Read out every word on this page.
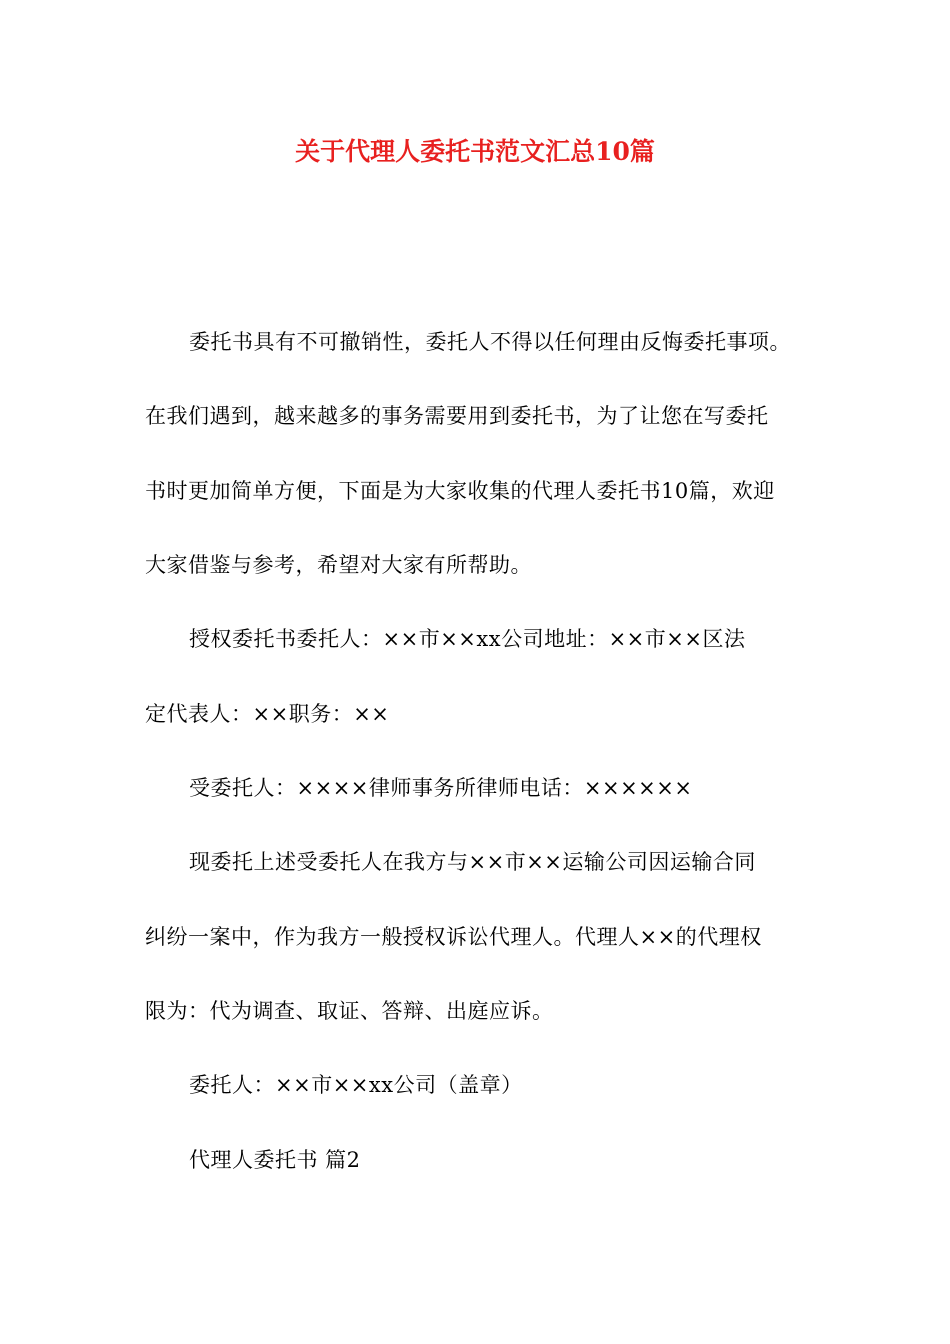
关于代理人委托书范文汇总10篇
委托书具有不可撤销性，委托人不得以任何理由反悔委托事项。
在我们遇到，越来越多的事务需要用到委托书，为了让您在写委托
书时更加简单方便，下面是为大家收集的代理人委托书10篇，欢迎
大家借鉴与参考，希望对大家有所帮助。
授权委托书委托人：××市××xx公司地址：××市××区法
定代表人：××职务：××
受委托人：××××律师事务所律师电话：××××××
现委托上述受委托人在我方与××市××运输公司因运输合同
纠纷一案中，作为我方一般授权诉讼代理人。代理人××的代理权
限为：代为调查、取证、答辩、出庭应诉。
委托人：××市××xx公司（盖章）
代理人委托书 篇2
